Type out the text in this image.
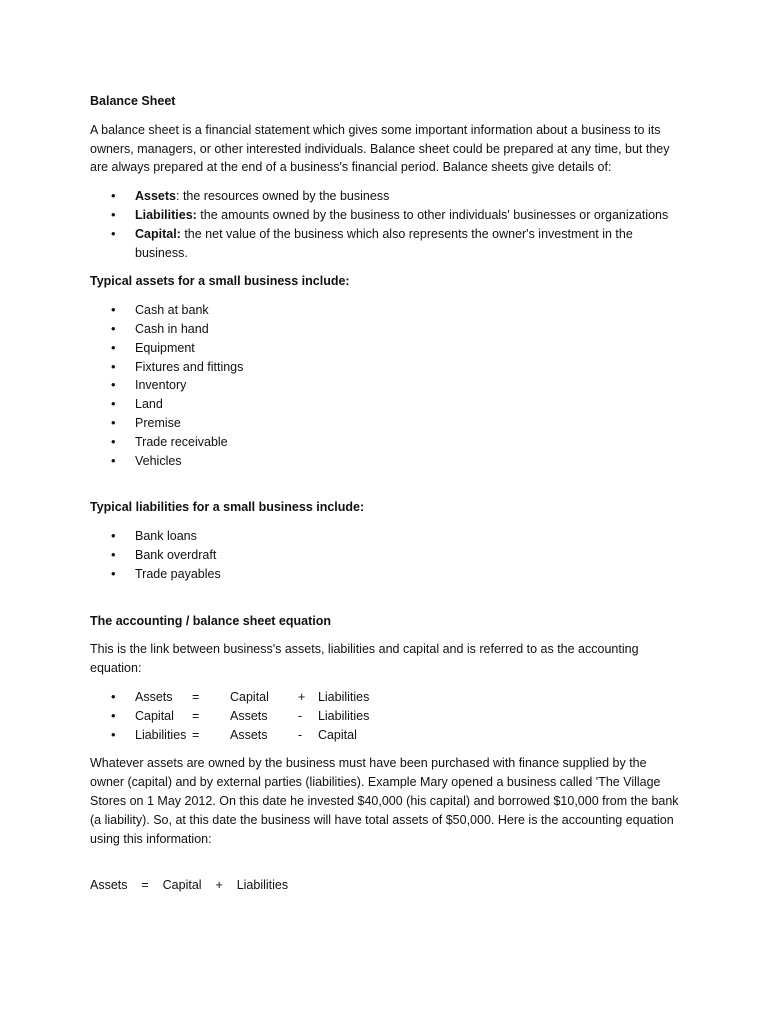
Balance Sheet
A balance sheet is a financial statement which gives some important information about a business to its owners, managers, or other interested individuals. Balance sheet could be prepared at any time, but they are always prepared at the end of a business's financial period. Balance sheets give details of:
• Assets: the resources owned by the business
• Liabilities: the amounts owned by the business to other individuals' businesses or organizations
• Capital: the net value of the business which also represents the owner's investment in the business.
Typical assets for a small business include:
• Cash at bank
• Cash in hand
• Equipment
• Fixtures and fittings
• Inventory
• Land
• Premise
• Trade receivable
• Vehicles
Typical liabilities for a small business include:
• Bank loans
• Bank overdraft
• Trade payables
The accounting / balance sheet equation
This is the link between business's assets, liabilities and capital and is referred to as the accounting equation:
• Assets = Capital + Liabilities
• Capital = Assets - Liabilities
• Liabilities = Assets - Capital
Whatever assets are owned by the business must have been purchased with finance supplied by the owner (capital) and by external parties (liabilities). Example Mary opened a business called 'The Village Stores on 1 May 2012. On this date he invested $40,000 (his capital) and borrowed $10,000 from the bank (a liability). So, at this date the business will have total assets of $50,000. Here is the accounting equation using this information:
Assets = Capital + Liabilities
